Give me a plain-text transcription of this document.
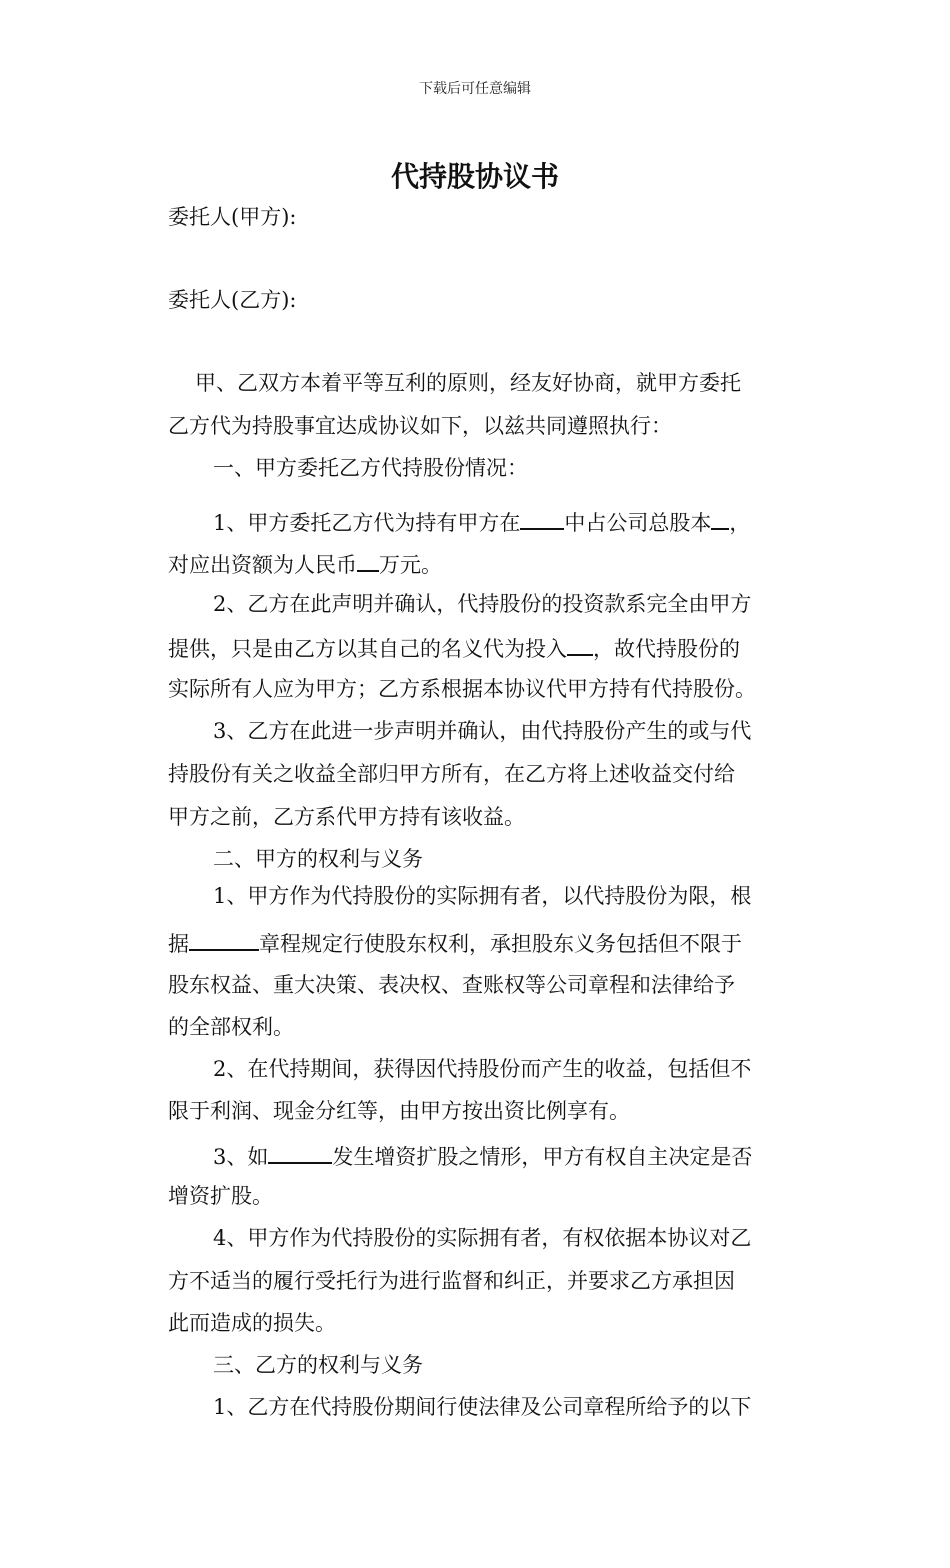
下载后可任意编辑
代持股协议书
委托人(甲方):
委托人(乙方):
甲、乙双方本着平等互利的原则，经友好协商，就甲方委托
乙方代为持股事宜达成协议如下，以兹共同遵照执行：
一、甲方委托乙方代持股份情况：
1、甲方委托乙方代为持有甲方在 中占公司总股本 ，
对应出资额为人民币 万元。
2、乙方在此声明并确认，代持股份的投资款系完全由甲方
提供，只是由乙方以其自己的名义代为投入 ，故代持股份的
实际所有人应为甲方；乙方系根据本协议代甲方持有代持股份。
3、乙方在此进一步声明并确认，由代持股份产生的或与代
持股份有关之收益全部归甲方所有，在乙方将上述收益交付给
甲方之前，乙方系代甲方持有该收益。
二、甲方的权利与义务
1、甲方作为代持股份的实际拥有者，以代持股份为限，根
据	章程规定行使股东权利，承担股东义务包括但不限于
股东权益、重大决策、表决权、查账权等公司章程和法律给予
的全部权利。
2、在代持期间，获得因代持股份而产生的收益，包括但不
限于利润、现金分红等，由甲方按出资比例享有。
3、如	发生增资扩股之情形，甲方有权自主决定是否
增资扩股。
4、甲方作为代持股份的实际拥有者，有权依据本协议对乙
方不适当的履行受托行为进行监督和纠正，并要求乙方承担因
此而造成的损失。
三、乙方的权利与义务
1、乙方在代持股份期间行使法律及公司章程所给予的以下
